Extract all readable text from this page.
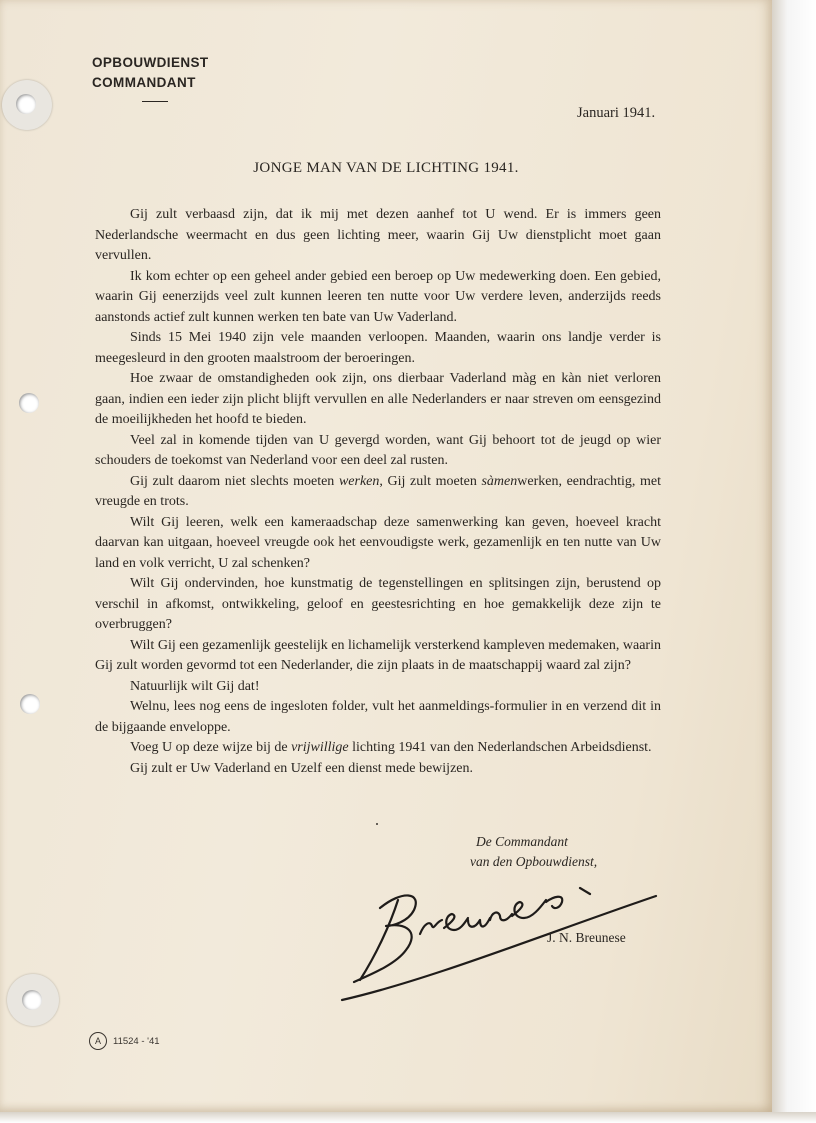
OPBOUWDIENST
COMMANDANT
Januari 1941.
JONGE MAN VAN DE LICHTING 1941.

Gij zult verbaasd zijn, dat ik mij met dezen aanhef tot U wend. Er is immers geen Nederlandsche weermacht en dus geen lichting meer, waarin Gij Uw dienstplicht moet gaan vervullen.

Ik kom echter op een geheel ander gebied een beroep op Uw medewerking doen. Een gebied, waarin Gij eenerzijds veel zult kunnen leeren ten nutte voor Uw verdere leven, anderzijds reeds aanstonds actief zult kunnen werken ten bate van Uw Vaderland.

Sinds 15 Mei 1940 zijn vele maanden verloopen. Maanden, waarin ons landje verder is meegesleurd in den grooten maalstroom der beroeringen.

Hoe zwaar de omstandigheden ook zijn, ons dierbaar Vaderland màg en kàn niet verloren gaan, indien een ieder zijn plicht blijft vervullen en alle Nederlanders er naar streven om eensgezind de moeilijkheden het hoofd te bieden.

Veel zal in komende tijden van U gevergd worden, want Gij behoort tot de jeugd op wier schouders de toekomst van Nederland voor een deel zal rusten.

Gij zult daarom niet slechts moeten werken, Gij zult moeten sàmenwerken, eendrachtig, met vreugde en trots.

Wilt Gij leeren, welk een kameraadschap deze samenwerking kan geven, hoeveel kracht daarvan kan uitgaan, hoeveel vreugde ook het eenvoudigste werk, gezamenlijk en ten nutte van Uw land en volk verricht, U zal schenken?

Wilt Gij ondervinden, hoe kunstmatig de tegenstellingen en splitsingen zijn, berustend op verschil in afkomst, ontwikkeling, geloof en geestesrichting en hoe gemakkelijk deze zijn te overbruggen?

Wilt Gij een gezamenlijk geestelijk en lichamelijk versterkend kampleven medemaken, waarin Gij zult worden gevormd tot een Nederlander, die zijn plaats in de maatschappij waard zal zijn?

Natuurlijk wilt Gij dat!

Welnu, lees nog eens de ingesloten folder, vult het aanmeldings-formulier in en verzend dit in de bijgaande enveloppe.

Voeg U op deze wijze bij de vrijwillige lichting 1941 van den Nederlandschen Arbeidsdienst.

Gij zult er Uw Vaderland en Uzelf een dienst mede bewijzen.

De Commandant
van den Opbouwdienst,
J. N. Breunese
A	11524 - '41
